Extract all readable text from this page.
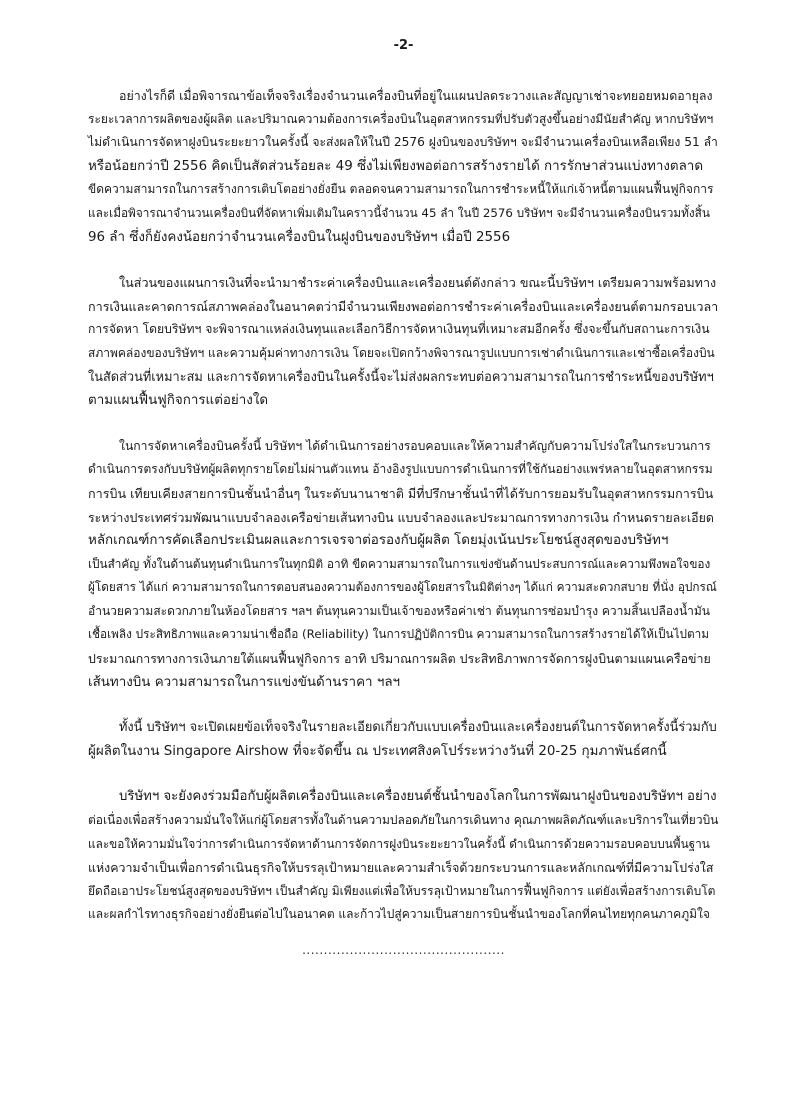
-2-
อย่างไรก็ดี เมื่อพิจารณาข้อเท็จจริงเรื่องจำนวนเครื่องบินที่อยู่ในแผนปลดระวางและสัญญาเช่าจะทยอยหมดอายุลง
ระยะเวลาการผลิตของผู้ผลิต และปริมาณความต้องการเครื่องบินในอุตสาหกรรมที่ปรับตัวสูงขึ้นอย่างมีนัยสำคัญ หากบริษัทฯ
ไม่ดำเนินการจัดหาฝูงบินระยะยาวในครั้งนี้ จะส่งผลให้ในปี 2576 ฝูงบินของบริษัทฯ จะมีจำนวนเครื่องบินเหลือเพียง 51 ลำ
หรือน้อยกว่าปี 2556 คิดเป็นสัดส่วนร้อยละ 49 ซึ่งไม่เพียงพอต่อการสร้างรายได้ การรักษาส่วนแบ่งทางตลาด
ขีดความสามารถในการสร้างการเติบโตอย่างยั่งยืน ตลอดจนความสามารถในการชำระหนี้ให้แก่เจ้าหนี้ตามแผนฟื้นฟูกิจการ
และเมื่อพิจารณาจำนวนเครื่องบินที่จัดหาเพิ่มเติมในคราวนี้จำนวน 45 ลำ ในปี 2576 บริษัทฯ จะมีจำนวนเครื่องบินรวมทั้งสิ้น
96 ลำ ซึ่งก็ยังคงน้อยกว่าจำนวนเครื่องบินในฝูงบินของบริษัทฯ เมื่อปี 2556
ในส่วนของแผนการเงินที่จะนำมาชำระค่าเครื่องบินและเครื่องยนต์ดังกล่าว ขณะนี้บริษัทฯ เตรียมความพร้อมทาง
การเงินและคาดการณ์สภาพคล่องในอนาคตว่ามีจำนวนเพียงพอต่อการชำระค่าเครื่องบินและเครื่องยนต์ตามกรอบเวลา
การจัดหา โดยบริษัทฯ จะพิจารณาแหล่งเงินทุนและเลือกวิธีการจัดหาเงินทุนที่เหมาะสมอีกครั้ง ซึ่งจะขึ้นกับสถานะการเงิน
สภาพคล่องของบริษัทฯ และความคุ้มค่าทางการเงิน โดยจะเปิดกว้างพิจารณารูปแบบการเช่าดำเนินการและเช่าซื้อเครื่องบิน
ในสัดส่วนที่เหมาะสม และการจัดหาเครื่องบินในครั้งนี้จะไม่ส่งผลกระทบต่อความสามารถในการชำระหนี้ของบริษัทฯ
ตามแผนฟื้นฟูกิจการแต่อย่างใด
ในการจัดหาเครื่องบินครั้งนี้ บริษัทฯ ได้ดำเนินการอย่างรอบคอบและให้ความสำคัญกับความโปร่งใสในกระบวนการ
ดำเนินการตรงกับบริษัทผู้ผลิตทุกรายโดยไม่ผ่านตัวแทน อ้างอิงรูปแบบการดำเนินการที่ใช้กันอย่างแพร่หลายในอุตสาหกรรม
การบิน เทียบเคียงสายการบินชั้นนำอื่นๆ ในระดับนานาชาติ มีที่ปรึกษาชั้นนำที่ได้รับการยอมรับในอุตสาหกรรมการบิน
ระหว่างประเทศร่วมพัฒนาแบบจำลองเครือข่ายเส้นทางบิน แบบจำลองและประมาณการทางการเงิน กำหนดรายละเอียด
หลักเกณฑ์การคัดเลือกประเมินผลและการเจรจาต่อรองกับผู้ผลิต โดยมุ่งเน้นประโยชน์สูงสุดของบริษัทฯ
เป็นสำคัญ ทั้งในด้านต้นทุนดำเนินการในทุกมิติ อาทิ ขีดความสามารถในการแข่งขันด้านประสบการณ์และความพึงพอใจของ
ผู้โดยสาร ได้แก่ ความสามารถในการตอบสนองความต้องการของผู้โดยสารในมิติต่างๆ ได้แก่ ความสะดวกสบาย ที่นั่ง อุปกรณ์
อำนวยความสะดวกภายในห้องโดยสาร ฯลฯ ต้นทุนความเป็นเจ้าของหรือค่าเช่า ต้นทุนการซ่อมบำรุง ความสิ้นเปลืองน้ำมัน
เชื้อเพลิง ประสิทธิภาพและความน่าเชื่อถือ (Reliability) ในการปฏิบัติการบิน ความสามารถในการสร้างรายได้ให้เป็นไปตาม
ประมาณการทางการเงินภายใต้แผนฟื้นฟูกิจการ อาทิ ปริมาณการผลิต ประสิทธิภาพการจัดการฝูงบินตามแผนเครือข่าย
เส้นทางบิน ความสามารถในการแข่งขันด้านราคา ฯลฯ
ทั้งนี้ บริษัทฯ จะเปิดเผยข้อเท็จจริงในรายละเอียดเกี่ยวกับแบบเครื่องบินและเครื่องยนต์ในการจัดหาครั้งนี้ร่วมกับ
ผู้ผลิตในงาน Singapore Airshow ที่จะจัดขึ้น ณ ประเทศสิงคโปร์ระหว่างวันที่ 20-25 กุมภาพันธ์ศกนี้
บริษัทฯ จะยังคงร่วมมือกับผู้ผลิตเครื่องบินและเครื่องยนต์ชั้นนำของโลกในการพัฒนาฝูงบินของบริษัทฯ อย่าง
ต่อเนื่องเพื่อสร้างความมั่นใจให้แก่ผู้โดยสารทั้งในด้านความปลอดภัยในการเดินทาง คุณภาพผลิตภัณฑ์และบริการในเที่ยวบิน
และขอให้ความมั่นใจว่าการดำเนินการจัดหาด้านการจัดการฝูงบินระยะยาวในครั้งนี้ ดำเนินการด้วยความรอบคอบบนพื้นฐาน
แห่งความจำเป็นเพื่อการดำเนินธุรกิจให้บรรลุเป้าหมายและความสำเร็จด้วยกระบวนการและหลักเกณฑ์ที่มีความโปร่งใส
ยึดถือเอาประโยชน์สูงสุดของบริษัทฯ เป็นสำคัญ มิเพียงแต่เพื่อให้บรรลุเป้าหมายในการฟื้นฟูกิจการ แต่ยังเพื่อสร้างการเติบโต
และผลกำไรทางธุรกิจอย่างยั่งยืนต่อไปในอนาคต และก้าวไปสู่ความเป็นสายการบินชั้นนำของโลกที่คนไทยทุกคนภาคภูมิใจ
...............................................
